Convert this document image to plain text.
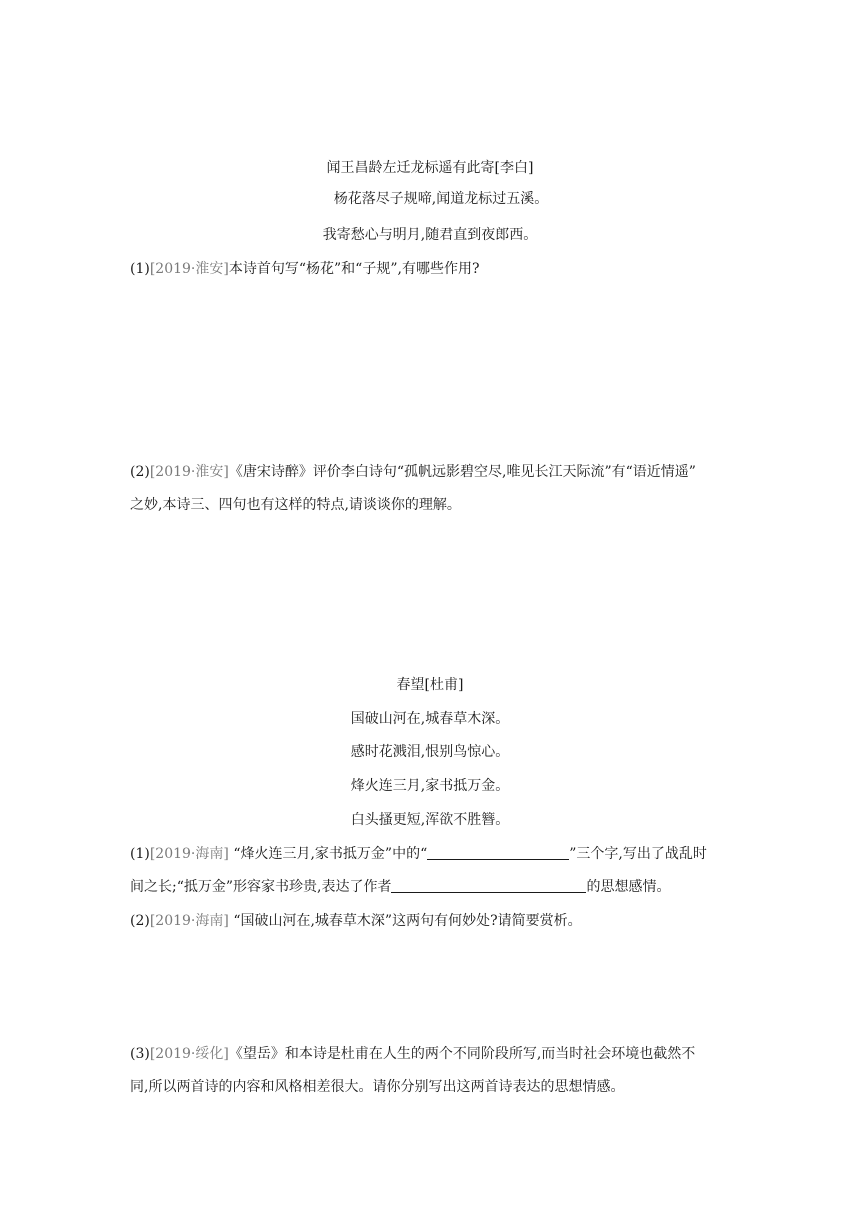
闻王昌龄左迁龙标遥有此寄[李白]
杨花落尽子规啼,闻道龙标过五溪。
我寄愁心与明月,随君直到夜郎西。
(1)[2019·淮安]本诗首句写“杨花”和“子规”,有哪些作用?
(2)[2019·淮安]《唐宋诗醉》评价李白诗句“孤帆远影碧空尽,唯见长江天际流”有“语近情遥”
之妙,本诗三、四句也有这样的特点,请谈谈你的理解。
春望[杜甫]
国破山河在,城春草木深。
感时花溅泪,恨别鸟惊心。
烽火连三月,家书抵万金。
白头搔更短,浑欲不胜簪。
(1)[2019·海南] “烽火连三月,家书抵万金”中的“	”三个字,写出了战乱时
间之长;“抵万金”形容家书珍贵,表达了作者	的思想感情。
(2)[2019·海南] “国破山河在,城春草木深”这两句有何妙处?请简要赏析。
(3)[2019·绥化]《望岳》和本诗是杜甫在人生的两个不同阶段所写,而当时社会环境也截然不
同,所以两首诗的内容和风格相差很大。请你分别写出这两首诗表达的思想情感。
